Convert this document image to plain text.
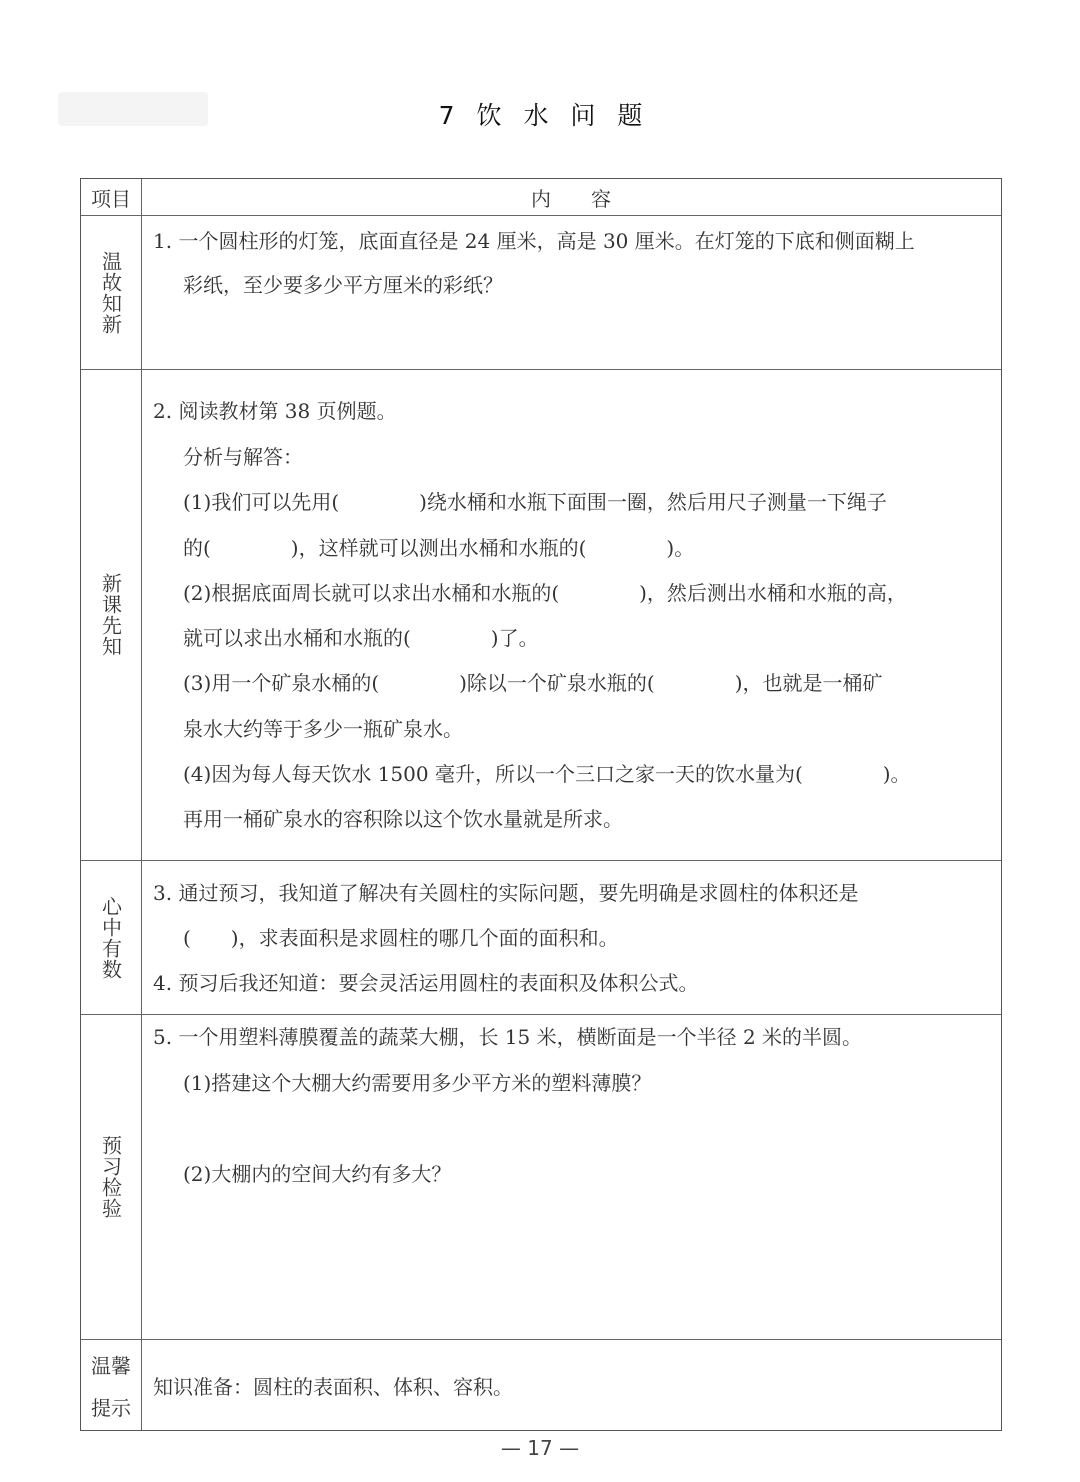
7 饮 水 问 题
项目	内　　容
温故知新
新课先知
心中有数
预习检验
温馨
提示
1. 一个圆柱形的灯笼，底面直径是 24 厘米，高是 30 厘米。在灯笼的下底和侧面糊上
彩纸，至少要多少平方厘米的彩纸？
2. 阅读教材第 38 页例题。
分析与解答：
(1)我们可以先用(　　　　)绕水桶和水瓶下面围一圈，然后用尺子测量一下绳子
的(　　　　)，这样就可以测出水桶和水瓶的(　　　　)。
(2)根据底面周长就可以求出水桶和水瓶的(　　　　)，然后测出水桶和水瓶的高，
就可以求出水桶和水瓶的(　　　　)了。
(3)用一个矿泉水桶的(　　　　)除以一个矿泉水瓶的(　　　　)，也就是一桶矿
泉水大约等于多少一瓶矿泉水。
(4)因为每人每天饮水 1500 毫升，所以一个三口之家一天的饮水量为(　　　　)。
再用一桶矿泉水的容积除以这个饮水量就是所求。
3. 通过预习，我知道了解决有关圆柱的实际问题，要先明确是求圆柱的体积还是
(　　)，求表面积是求圆柱的哪几个面的面积和。
4. 预习后我还知道：要会灵活运用圆柱的表面积及体积公式。
5. 一个用塑料薄膜覆盖的蔬菜大棚，长 15 米，横断面是一个半径 2 米的半圆。
(1)搭建这个大棚大约需要用多少平方米的塑料薄膜？
(2)大棚内的空间大约有多大？
知识准备：圆柱的表面积、体积、容积。
— 17 —
